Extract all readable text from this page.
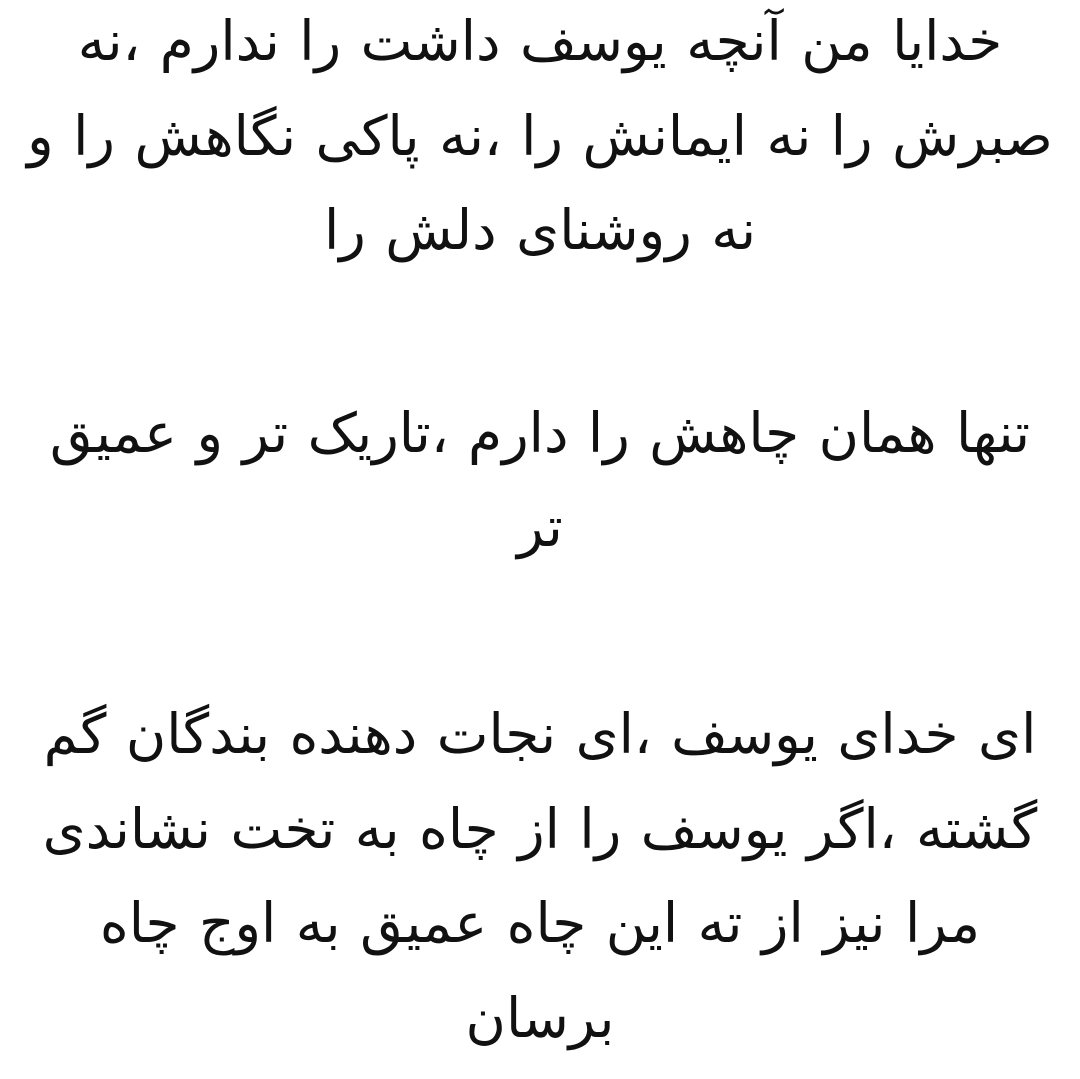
خدایا من آنچه یوسف داشت را ندارم ،نه صبرش را نه ایمانش را ،نه پاکی نگاهش را و نه روشنای دلش را
تنها همان چاهش را دارم ،تاریک تر و عمیق تر
ای خدای یوسف ،ای نجات دهنده بندگان گم گشته ،اگر یوسف را از چاه به تخت نشاندی مرا نیز از ته این چاه عمیق به اوج چاه برسان
